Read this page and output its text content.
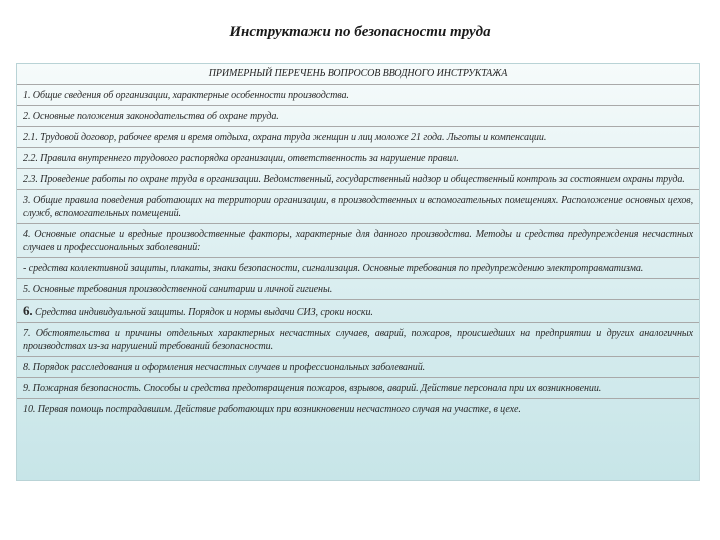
Инструктажи по безопасности труда
ПРИМЕРНЫЙ ПЕРЕЧЕНЬ ВОПРОСОВ ВВОДНОГО ИНСТРУКТАЖА
1. Общие сведения об организации, характерные особенности производства.
2. Основные положения законодательства об охране труда.
2.1. Трудовой договор, рабочее время и время отдыха, охрана труда женщин и лиц моложе 21 года. Льготы и компенсации.
2.2. Правила внутреннего трудового распорядка организации, ответственность за нарушение правил.
2.3. Проведение работы по охране труда в организации. Ведомственный, государственный надзор и общественный контроль за состоянием охраны труда.
3. Общие правила поведения работающих на территории организации, в производственных и вспомогательных помещениях. Расположение основных цехов, служб, вспомогательных помещений.
4. Основные опасные и вредные производственные факторы, характерные для данного производства. Методы и средства предупреждения несчастных случаев и профессиональных заболеваний:
- средства коллективной защиты, плакаты, знаки безопасности, сигнализация. Основные требования по предупреждению электротравматизма.
5. Основные требования производственной санитарии и личной гигиены.
6. Средства индивидуальной защиты. Порядок и нормы выдачи СИЗ, сроки носки.
7. Обстоятельства и причины отдельных характерных несчастных случаев, аварий, пожаров, происшедших на предприятии и других аналогичных производствах из-за нарушений требований безопасности.
8. Порядок расследования и оформления несчастных случаев и профессиональных заболеваний.
9. Пожарная безопасность. Способы и средства предотвращения пожаров, взрывов, аварий. Действие персонала при их возникновении.
10. Первая помощь пострадавшим. Действие работающих при возникновении несчастного случая на участке, в цехе.
